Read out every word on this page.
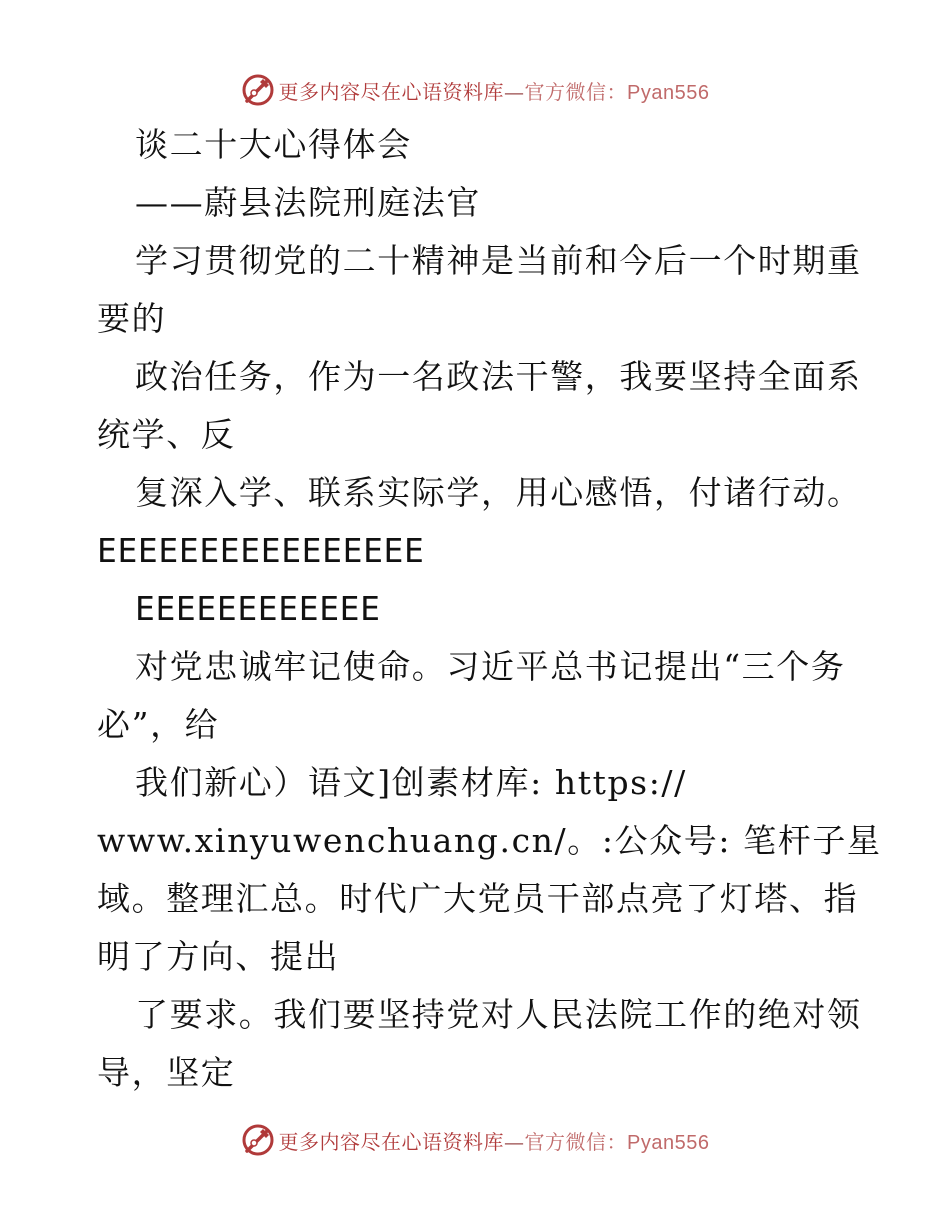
更多内容尽在心语资料库—官方微信：Pyan556
谈二十大心得体会
——蔚县法院刑庭法官
学习贯彻党的二十精神是当前和今后一个时期重
要的
政治任务，作为一名政法干警，我要坚持全面系
统学、反
复深入学、联系实际学，用心感悟，付诸行动。
EEEEEEEEEEEEEEEE
EEEEEEEEEEEE
对党忠诚牢记使命。习近平总书记提出“三个务
必”，给
我们新心）语文]创素材库: https://
www.xinyuwenchuang.cn/。:公众号: 笔杆子星
域。整理汇总。时代广大党员干部点亮了灯塔、指
明了方向、提出
了要求。我们要坚持党对人民法院工作的绝对领
导，坚定
更多内容尽在心语资料库—官方微信：Pyan556
